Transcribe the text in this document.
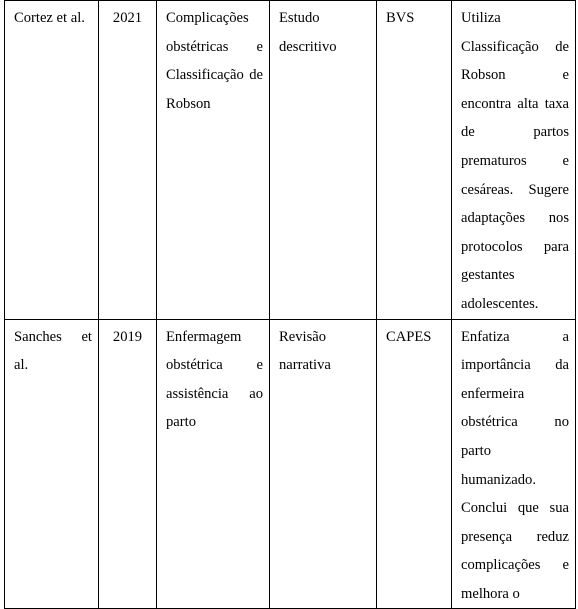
Cortez et al.	2021	Complicações obstétricas e Classificação de Robson	Estudo descritivo	BVS	Utiliza Classificação de Robson e encontra alta taxa de partos prematuros e cesáreas. Sugere adaptações nos protocolos para gestantes adolescentes.
Sanches et al.	2019	Enfermagem obstétrica e assistência ao parto	Revisão narrativa	CAPES	Enfatiza a importância da enfermeira obstétrica no parto humanizado. Conclui que sua presença reduz complicações e melhora o
